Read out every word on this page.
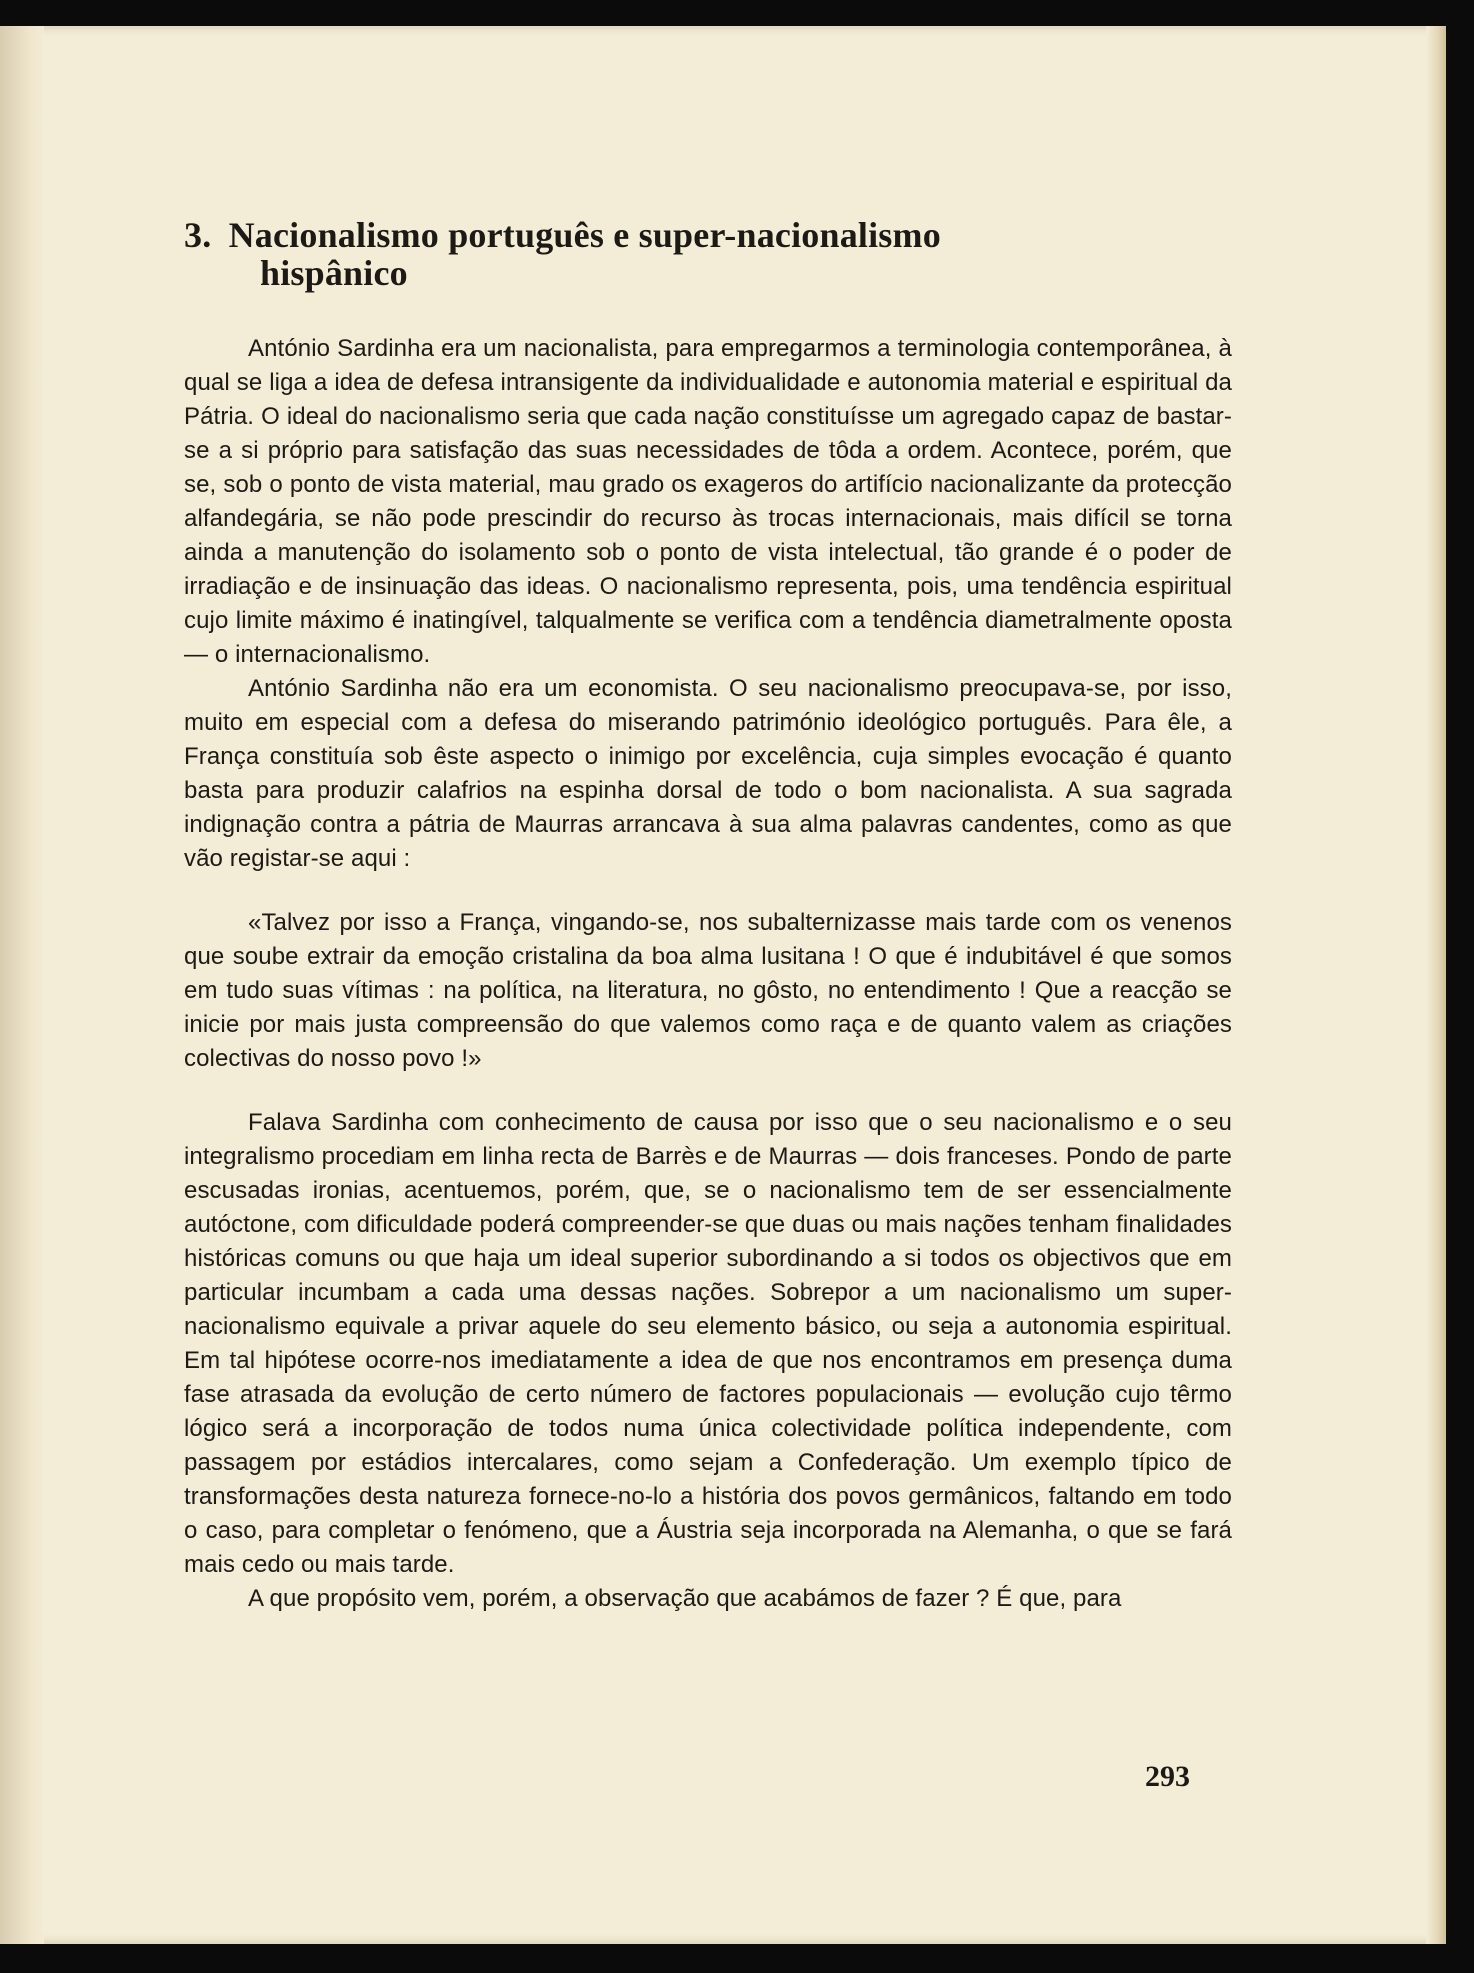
3. Nacionalismo português e super-nacionalismo
hispânico

António Sardinha era um nacionalista, para empregarmos a terminologia contemporânea, à qual se liga a idea de defesa intransigente da individualidade e autonomia material e espiritual da Pátria. O ideal do nacionalismo seria que cada nação constituísse um agregado capaz de bastar-se a si próprio para satisfação das suas necessidades de tôda a ordem. Acontece, porém, que se, sob o ponto de vista material, mau grado os exageros do artifício nacionalizante da protecção alfandegária, se não pode prescindir do recurso às trocas internacionais, mais difícil se torna ainda a manutenção do isolamento sob o ponto de vista intelectual, tão grande é o poder de irradiação e de insinuação das ideas. O nacionalismo representa, pois, uma tendência espiritual cujo limite máximo é inatingível, talqualmente se verifica com a tendência diametralmente oposta — o internacionalismo.

António Sardinha não era um economista. O seu nacionalismo preocupava-se, por isso, muito em especial com a defesa do miserando património ideológico português. Para êle, a França constituía sob êste aspecto o inimigo por excelência, cuja simples evocação é quanto basta para produzir calafrios na espinha dorsal de todo o bom nacionalista. A sua sagrada indignação contra a pátria de Maurras arrancava à sua alma palavras candentes, como as que vão registar-se aqui :

«Talvez por isso a França, vingando-se, nos subalternizasse mais tarde com os venenos que soube extrair da emoção cristalina da boa alma lusitana ! O que é indubitável é que somos em tudo suas vítimas : na política, na literatura, no gôsto, no entendimento ! Que a reacção se inicie por mais justa compreensão do que valemos como raça e de quanto valem as criações colectivas do nosso povo !»

Falava Sardinha com conhecimento de causa por isso que o seu nacionalismo e o seu integralismo procediam em linha recta de Barrès e de Maurras — dois franceses. Pondo de parte escusadas ironias, acentuemos, porém, que, se o nacionalismo tem de ser essencialmente autóctone, com dificuldade poderá compreender-se que duas ou mais nações tenham finalidades históricas comuns ou que haja um ideal superior subordinando a si todos os objectivos que em particular incumbam a cada uma dessas nações. Sobrepor a um nacionalismo um super-nacionalismo equivale a privar aquele do seu elemento básico, ou seja a autonomia espiritual. Em tal hipótese ocorre-nos imediatamente a idea de que nos encontramos em presença duma fase atrasada da evolução de certo número de factores populacionais — evolução cujo têrmo lógico será a incorporação de todos numa única colectividade política independente, com passagem por estádios intercalares, como sejam a Confederação. Um exemplo típico de transformações desta natureza fornece-no-lo a história dos povos germânicos, faltando em todo o caso, para completar o fenómeno, que a Áustria seja incorporada na Alemanha, o que se fará mais cedo ou mais tarde.

A que propósito vem, porém, a observação que acabámos de fazer ? É que, para

293
